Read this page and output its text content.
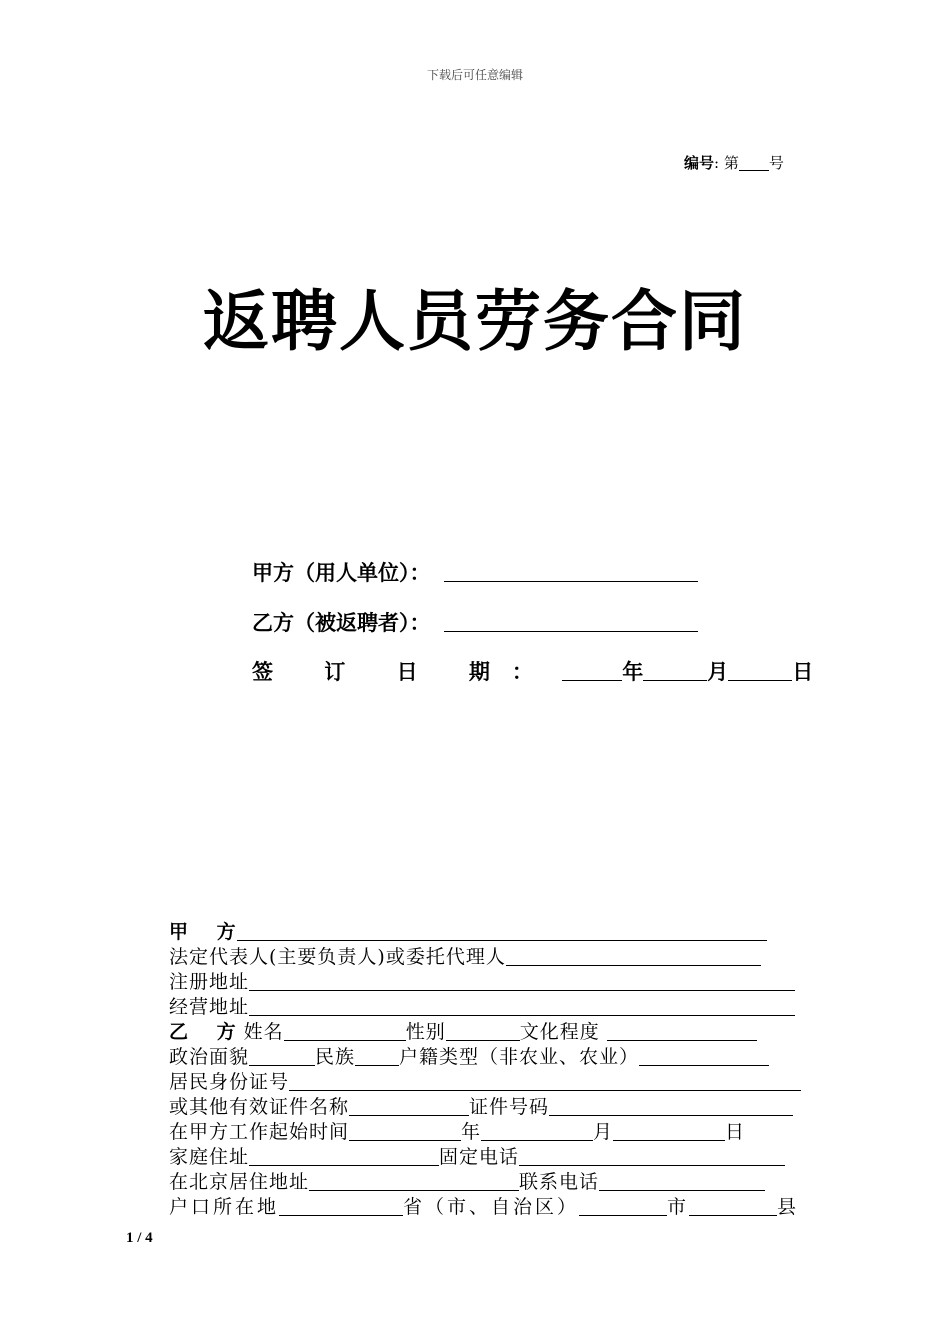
下载后可任意编辑
编号: 第 号
返聘人员劳务合同
甲方（用人单位）：
乙方（被返聘者）：
签 订 日 期：	年	月	日
甲　 方
法定代表人(主要负责人)或委托代理人
注册地址
经营地址
乙　 方 姓名	性别	文化程度
政治面貌	民族 户籍类型（非农业、农业）
居民身份证号
或其他有效证件名称	证件号码
在甲方工作起始时间	年	月	日
家庭住址	固定电话
在北京居住地址	联系电话
户口所在地	省（市、自治区）	市	县
1 / 4
